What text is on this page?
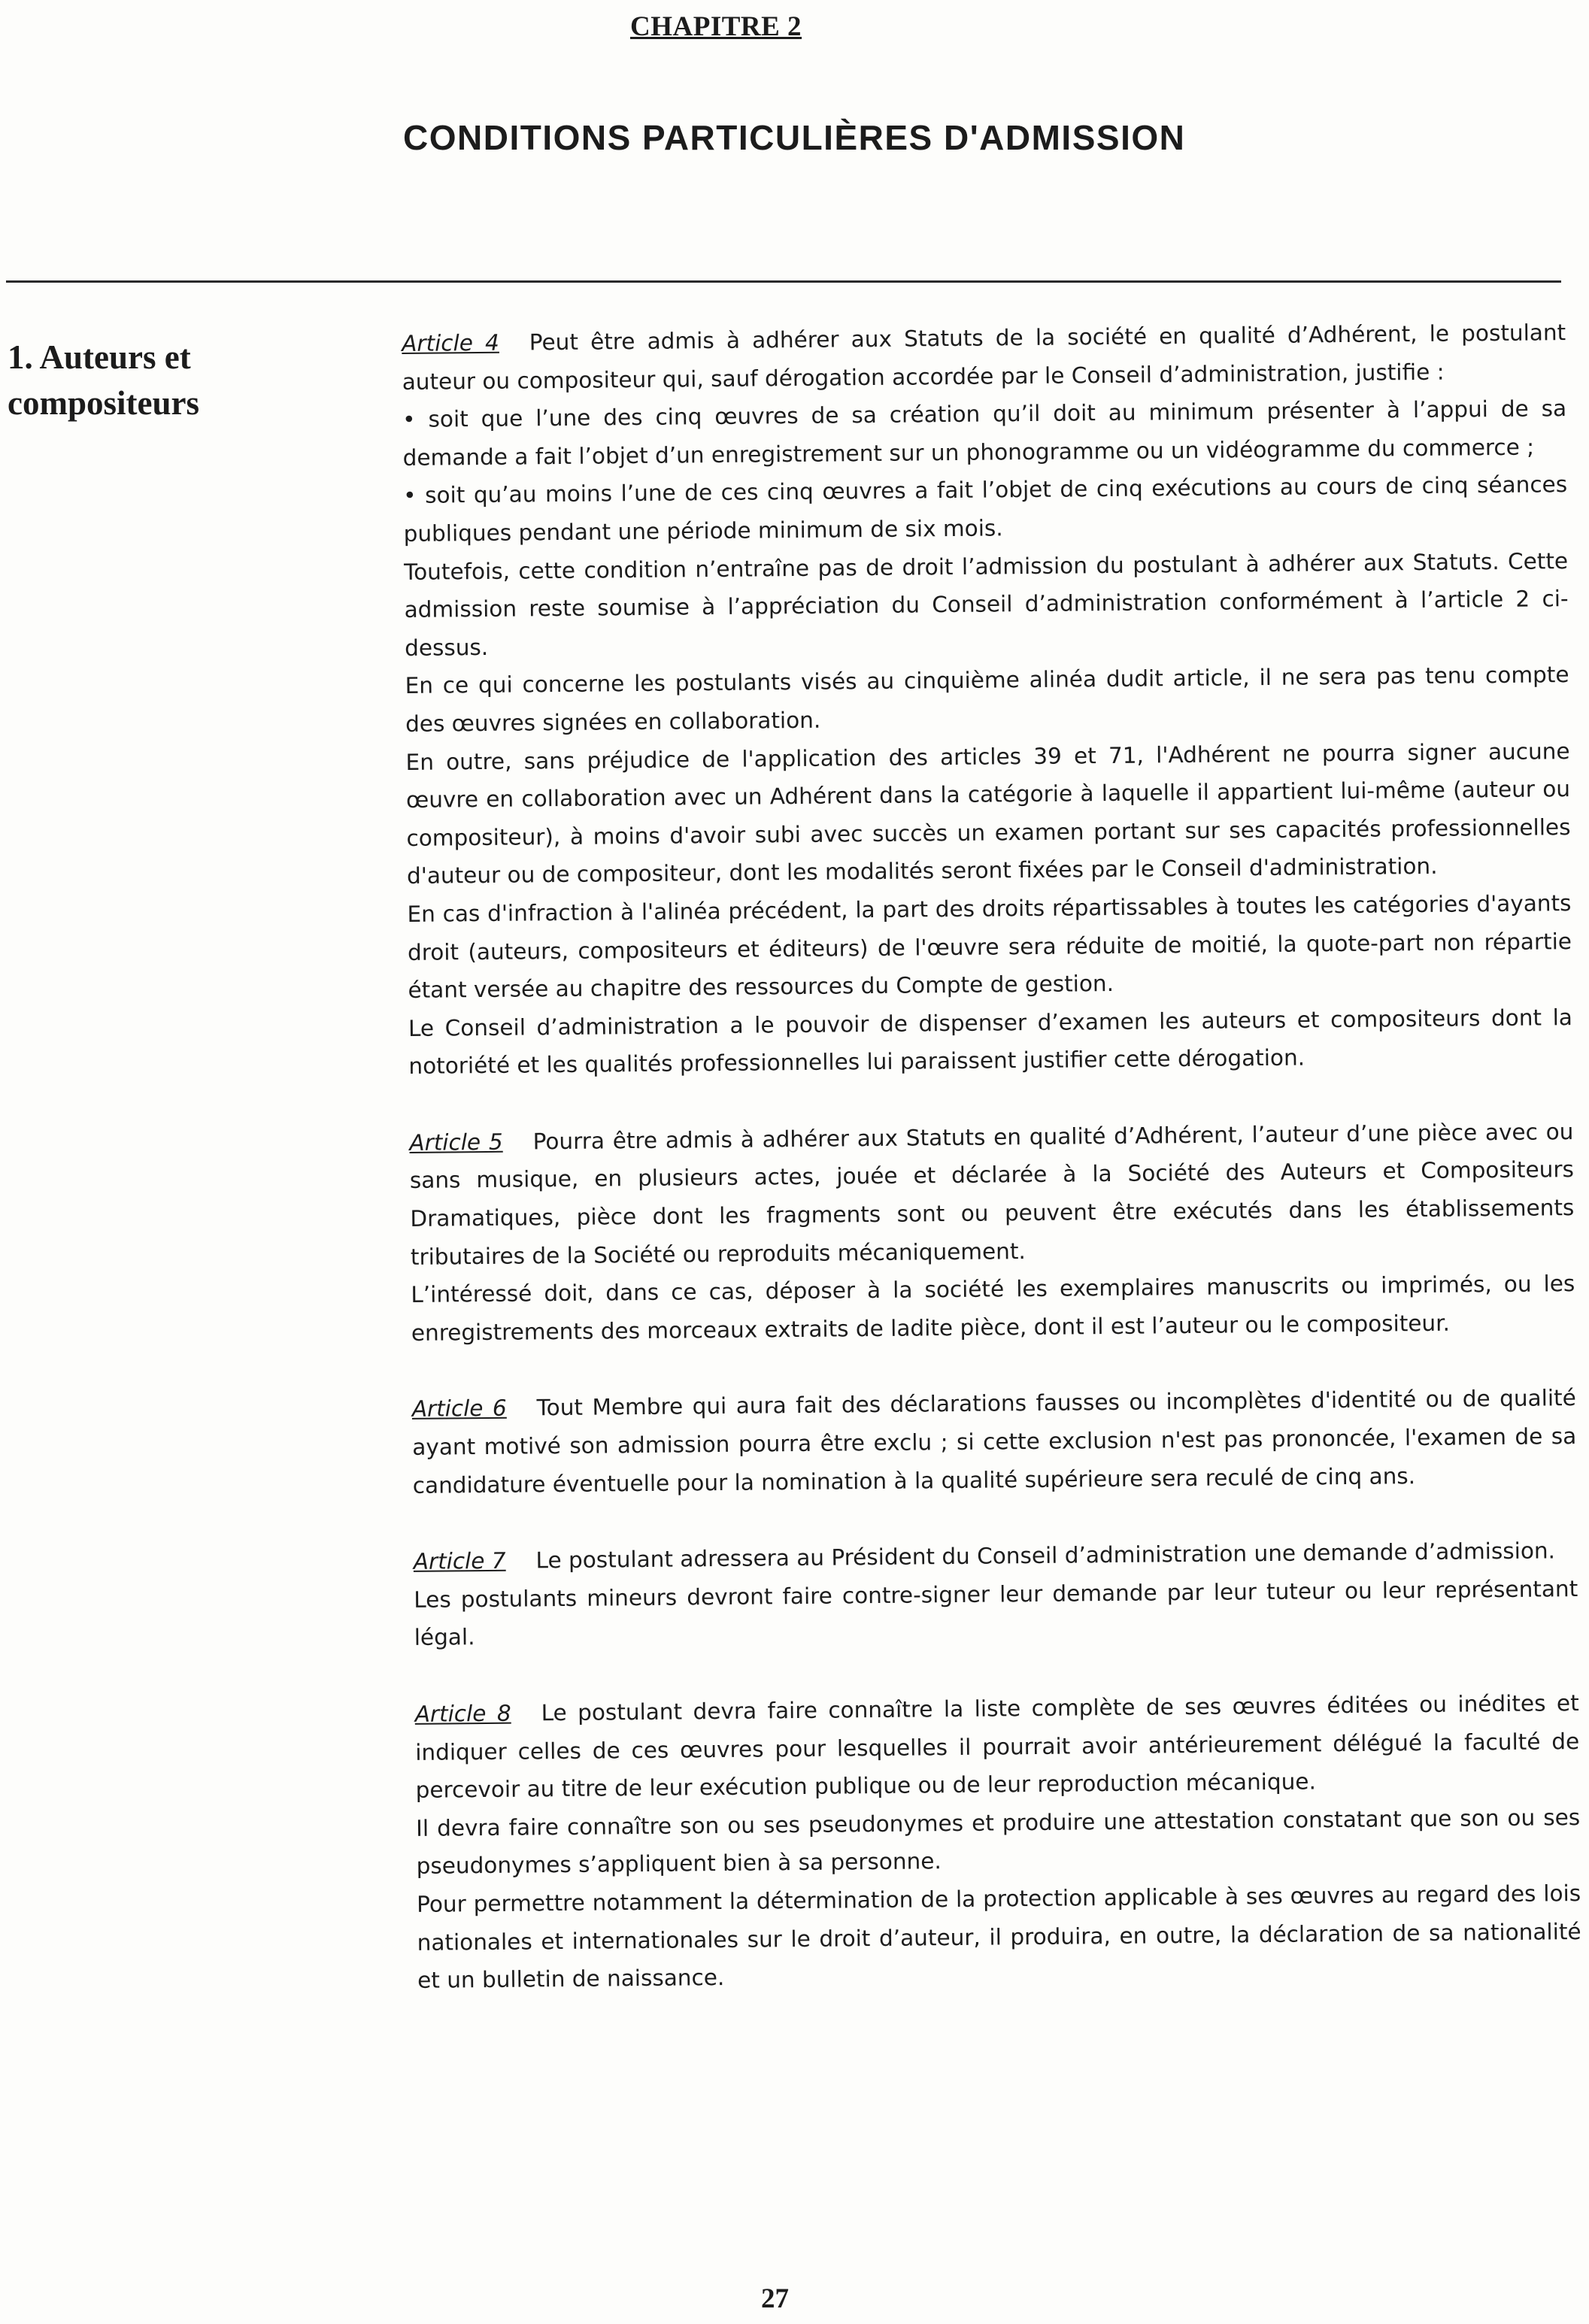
CHAPITRE 2
CONDITIONS PARTICULIÈRES D'ADMISSION
1. Auteurs et
compositeurs

Article 4 Peut être admis à adhérer aux Statuts de la société en qualité d’Adhérent, le postulant auteur ou compositeur qui, sauf dérogation accordée par le Conseil d’administration, justifie :

• soit que l’une des cinq œuvres de sa création qu’il doit au minimum présenter à l’appui de sa demande a fait l’objet d’un enregistrement sur un phonogramme ou un vidéogramme du commerce ;

• soit qu’au moins l’une de ces cinq œuvres a fait l’objet de cinq exécutions au cours de cinq séances publiques pendant une période minimum de six mois.

Toutefois, cette condition n’entraîne pas de droit l’admission du postulant à adhérer aux Statuts. Cette admission reste soumise à l’appréciation du Conseil d’administration conformément à l’article 2 ci-dessus.

En ce qui concerne les postulants visés au cinquième alinéa dudit article, il ne sera pas tenu compte des œuvres signées en collaboration.

En outre, sans préjudice de l'application des articles 39 et 71, l'Adhérent ne pourra signer aucune œuvre en collaboration avec un Adhérent dans la catégorie à laquelle il appartient lui-même (auteur ou compositeur), à moins d'avoir subi avec succès un examen portant sur ses capacités professionnelles d'auteur ou de compositeur, dont les modalités seront fixées par le Conseil d'administration.

En cas d'infraction à l'alinéa précédent, la part des droits répartissables à toutes les catégories d'ayants droit (auteurs, compositeurs et éditeurs) de l'œuvre sera réduite de moitié, la quote-part non répartie étant versée au chapitre des ressources du Compte de gestion.

Le Conseil d’administration a le pouvoir de dispenser d’examen les auteurs et compositeurs dont la notoriété et les qualités professionnelles lui paraissent justifier cette dérogation.

Article 5 Pourra être admis à adhérer aux Statuts en qualité d’Adhérent, l’auteur d’une pièce avec ou sans musique, en plusieurs actes, jouée et déclarée à la Société des Auteurs et Compositeurs Dramatiques, pièce dont les fragments sont ou peuvent être exécutés dans les établissements tributaires de la Société ou reproduits mécaniquement.

L’intéressé doit, dans ce cas, déposer à la société les exemplaires manuscrits ou imprimés, ou les enregistrements des morceaux extraits de ladite pièce, dont il est l’auteur ou le compositeur.

Article 6 Tout Membre qui aura fait des déclarations fausses ou incomplètes d'identité ou de qualité ayant motivé son admission pourra être exclu ; si cette exclusion n'est pas prononcée, l'examen de sa candidature éventuelle pour la nomination à la qualité supérieure sera reculé de cinq ans.

Article 7 Le postulant adressera au Président du Conseil d’administration une demande d’admission.

Les postulants mineurs devront faire contre-signer leur demande par leur tuteur ou leur représentant légal.

Article 8 Le postulant devra faire connaître la liste complète de ses œuvres éditées ou inédites et indiquer celles de ces œuvres pour lesquelles il pourrait avoir antérieurement délégué la faculté de percevoir au titre de leur exécution publique ou de leur reproduction mécanique.

Il devra faire connaître son ou ses pseudonymes et produire une attestation constatant que son ou ses pseudonymes s’appliquent bien à sa personne.

Pour permettre notamment la détermination de la protection applicable à ses œuvres au regard des lois nationales et internationales sur le droit d’auteur, il produira, en outre, la déclaration de sa nationalité et un bulletin de naissance.

27
